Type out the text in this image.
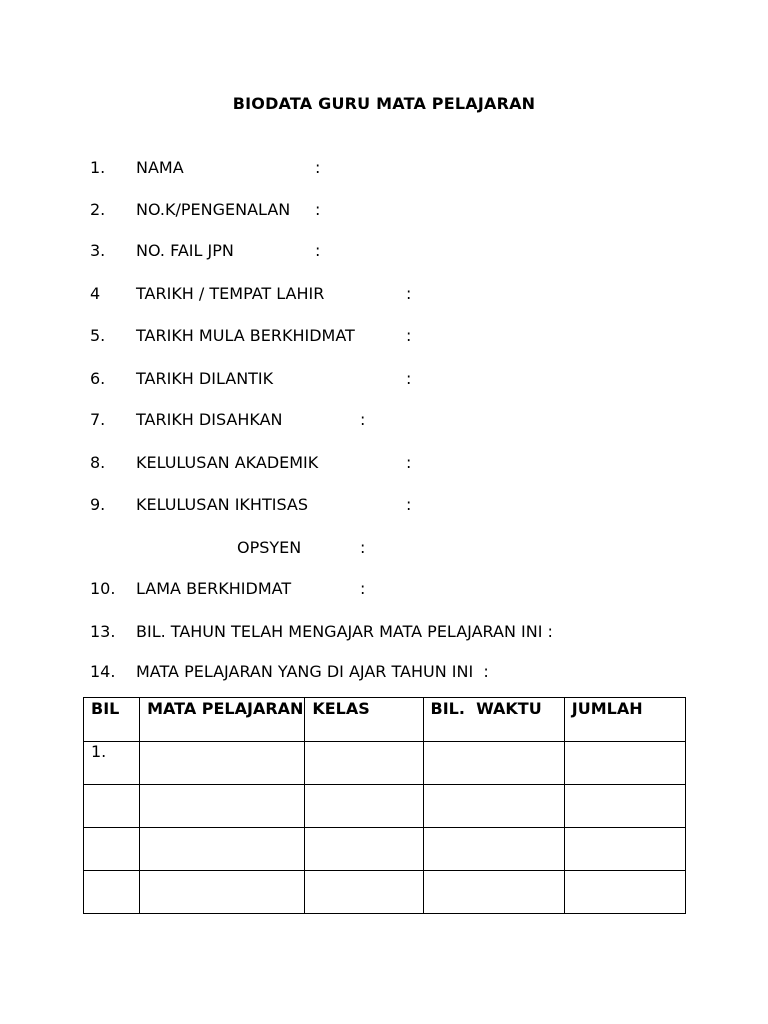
BIODATA GURU MATA PELAJARAN
1. NAMA	:
2. NO.K/PENGENALAN :
3. NO. FAIL JPN	:
4 TARIKH / TEMPAT LAHIR	:
5. TARIKH MULA BERKHIDMAT	:
6. TARIKH DILANTIK	:
7. TARIKH DISAHKAN	:
8. KELULUSAN AKADEMIK	:
9. KELULUSAN IKHTISAS	:
OPSYEN	:
10. LAMA BERKHIDMAT	:
13. BIL. TAHUN TELAH MENGAJAR MATA PELAJARAN INI :
14. MATA PELAJARAN YANG DI AJAR TAHUN INI  :
BIL	MATA PELAJARAN	KELAS	BIL.  WAKTU	JUMLAH
1.				
